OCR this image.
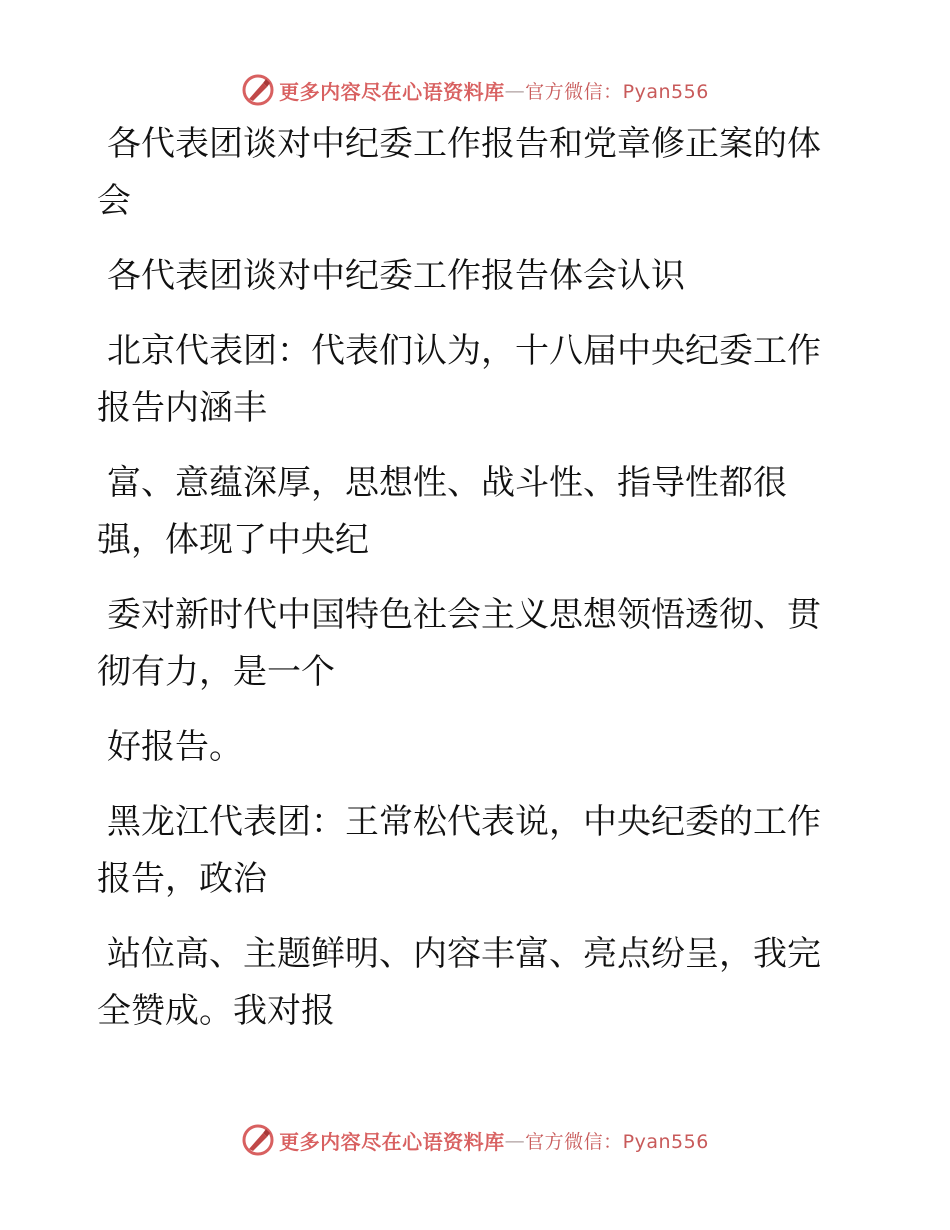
更多内容尽在心语资料库 — 官方微信：Pyan556

各代表团谈对中纪委工作报告和党章修正案的体会

各代表团谈对中纪委工作报告体会认识

北京代表团：代表们认为，十八届中央纪委工作报告内涵丰

富、意蕴深厚，思想性、战斗性、指导性都很强，体现了中央纪

委对新时代中国特色社会主义思想领悟透彻、贯彻有力，是一个

好报告。

黑龙江代表团：王常松代表说，中央纪委的工作报告，政治

站位高、主题鲜明、内容丰富、亮点纷呈，我完全赞成。我对报

更多内容尽在心语资料库 — 官方微信：Pyan556
